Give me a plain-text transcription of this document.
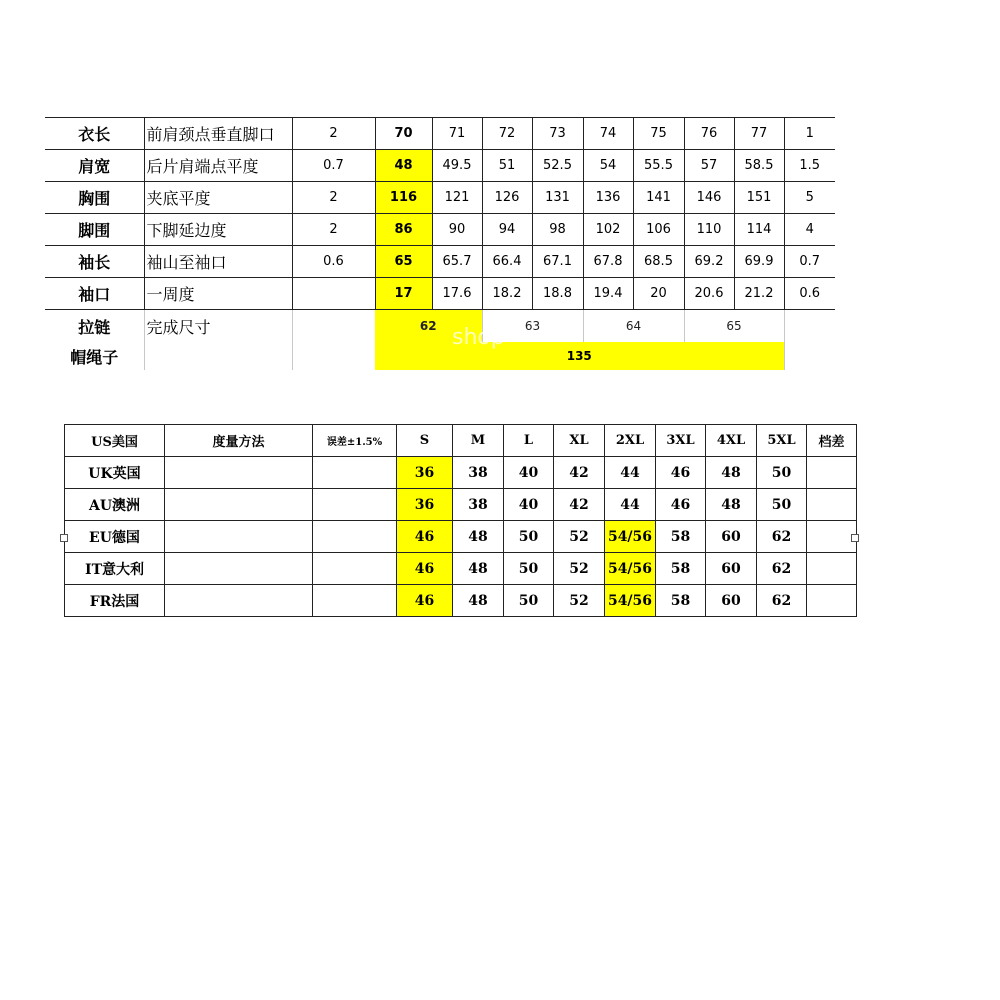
衣长	前肩颈点垂直脚口	2	70	71	72	73	74	75	76	77	1
肩宽	后片肩端点平度	0.7	48	49.5	51	52.5	54	55.5	57	58.5	1.5
胸围	夹底平度	2	116	121	126	131	136	141	146	151	5
脚围	下脚延边度	2	86	90	94	98	102	106	110	114	4
袖长	袖山至袖口	0.6	65	65.7	66.4	67.1	67.8	68.5	69.2	69.9	0.7
袖口	一周度		17	17.6	18.2	18.8	19.4	20	20.6	21.2	0.6
拉链	完成尺寸		62		63		64		65		
帽绳子			135								
shop
US美国	度量方法	误差±1.5%	S	M	L	XL	2XL	3XL	4XL	5XL	档差
UK英国			36	38	40	42	44	46	48	50	
AU澳洲			36	38	40	42	44	46	48	50	
EU德国			46	48	50	52	54/56	58	60	62	
IT意大利			46	48	50	52	54/56	58	60	62	
FR法国			46	48	50	52	54/56	58	60	62	
